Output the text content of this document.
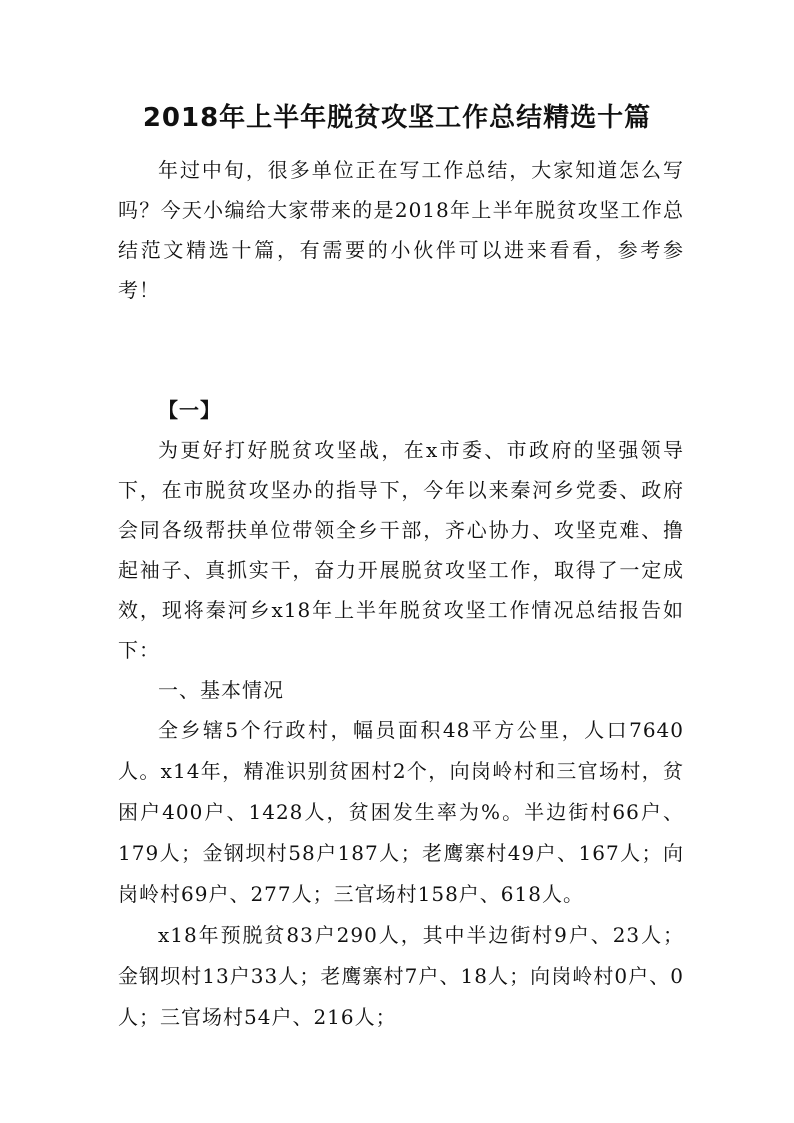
2018年上半年脱贫攻坚工作总结精选十篇

年过中旬，很多单位正在写工作总结，大家知道怎么写吗？今天小编给大家带来的是2018年上半年脱贫攻坚工作总结范文精选十篇，有需要的小伙伴可以进来看看，参考参考！

【一】

为更好打好脱贫攻坚战，在x市委、市政府的坚强领导下，在市脱贫攻坚办的指导下，今年以来秦河乡党委、政府会同各级帮扶单位带领全乡干部，齐心协力、攻坚克难、撸起袖子、真抓实干，奋力开展脱贫攻坚工作，取得了一定成效，现将秦河乡x18年上半年脱贫攻坚工作情况总结报告如下：

一、基本情况

全乡辖5个行政村，幅员面积48平方公里，人口7640人。x14年，精准识别贫困村2个，向岗岭村和三官场村，贫困户400户、1428人，贫困发生率为%。半边街村66户、179人；金钢坝村58户187人；老鹰寨村49户、167人；向岗岭村69户、277人；三官场村158户、618人。

x18年预脱贫83户290人，其中半边街村9户、23人；金钢坝村13户33人；老鹰寨村7户、18人；向岗岭村0户、0人；三官场村54户、216人；
